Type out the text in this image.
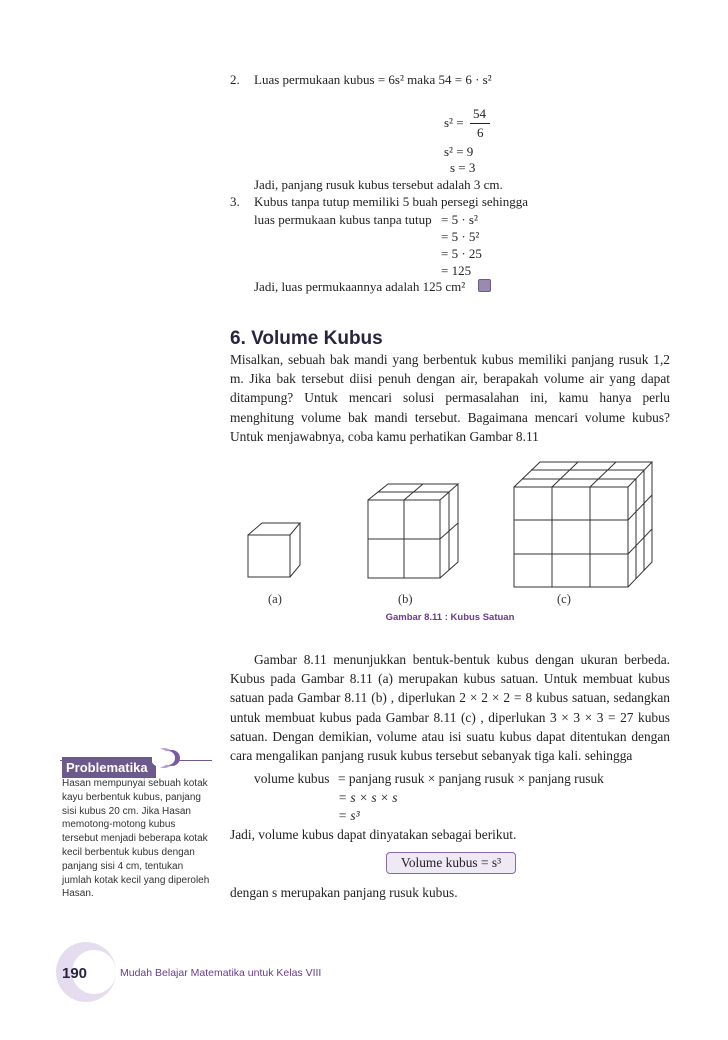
2. Luas permukaan kubus = 6s² maka 54 = 6 · s²
s² =
54
6
s² = 9
s = 3
Jadi, panjang rusuk kubus tersebut adalah 3 cm.
3. Kubus tanpa tutup memiliki 5 buah persegi sehingga
luas permukaan kubus tanpa tutup = 5 · s²
= 5 · 5²
= 5 · 25
= 125
Jadi, luas permukaannya adalah 125 cm²
6. Volume Kubus
Misalkan, sebuah bak mandi yang berbentuk kubus memiliki panjang rusuk 1,2 m. Jika bak tersebut diisi penuh dengan air, berapakah volume air yang dapat ditampung? Untuk mencari solusi permasalahan ini, kamu hanya perlu menghitung volume bak mandi tersebut. Bagaimana mencari volume kubus? Untuk menjawabnya, coba kamu perhatikan Gambar 8.11
(a)	(b)	(c)
Gambar 8.11 : Kubus Satuan
Gambar 8.11 menunjukkan bentuk-bentuk kubus dengan ukuran berbeda. Kubus pada Gambar 8.11 (a) merupakan kubus satuan. Untuk membuat kubus satuan pada Gambar 8.11 (b) , diperlukan 2 × 2 × 2 = 8 kubus satuan, sedangkan untuk membuat kubus pada Gambar 8.11 (c) , diperlukan 3 × 3 × 3 = 27 kubus satuan. Dengan demikian, volume atau isi suatu kubus dapat ditentukan dengan cara mengalikan panjang rusuk kubus tersebut sebanyak tiga kali. sehingga
volume kubus = panjang rusuk × panjang rusuk × panjang rusuk
= s × s × s
= s³
Jadi, volume kubus dapat dinyatakan sebagai berikut.
Volume kubus = s³
dengan s merupakan panjang rusuk kubus.
Problematika
Hasan mempunyai sebuah kotak kayu berbentuk kubus, panjang sisi kubus 20 cm. Jika Hasan memotong-motong kubus tersebut menjadi beberapa kotak kecil berbentuk kubus dengan panjang sisi 4 cm, tentukan jumlah kotak kecil yang diperoleh Hasan.
190	Mudah Belajar Matematika untuk Kelas VIII
